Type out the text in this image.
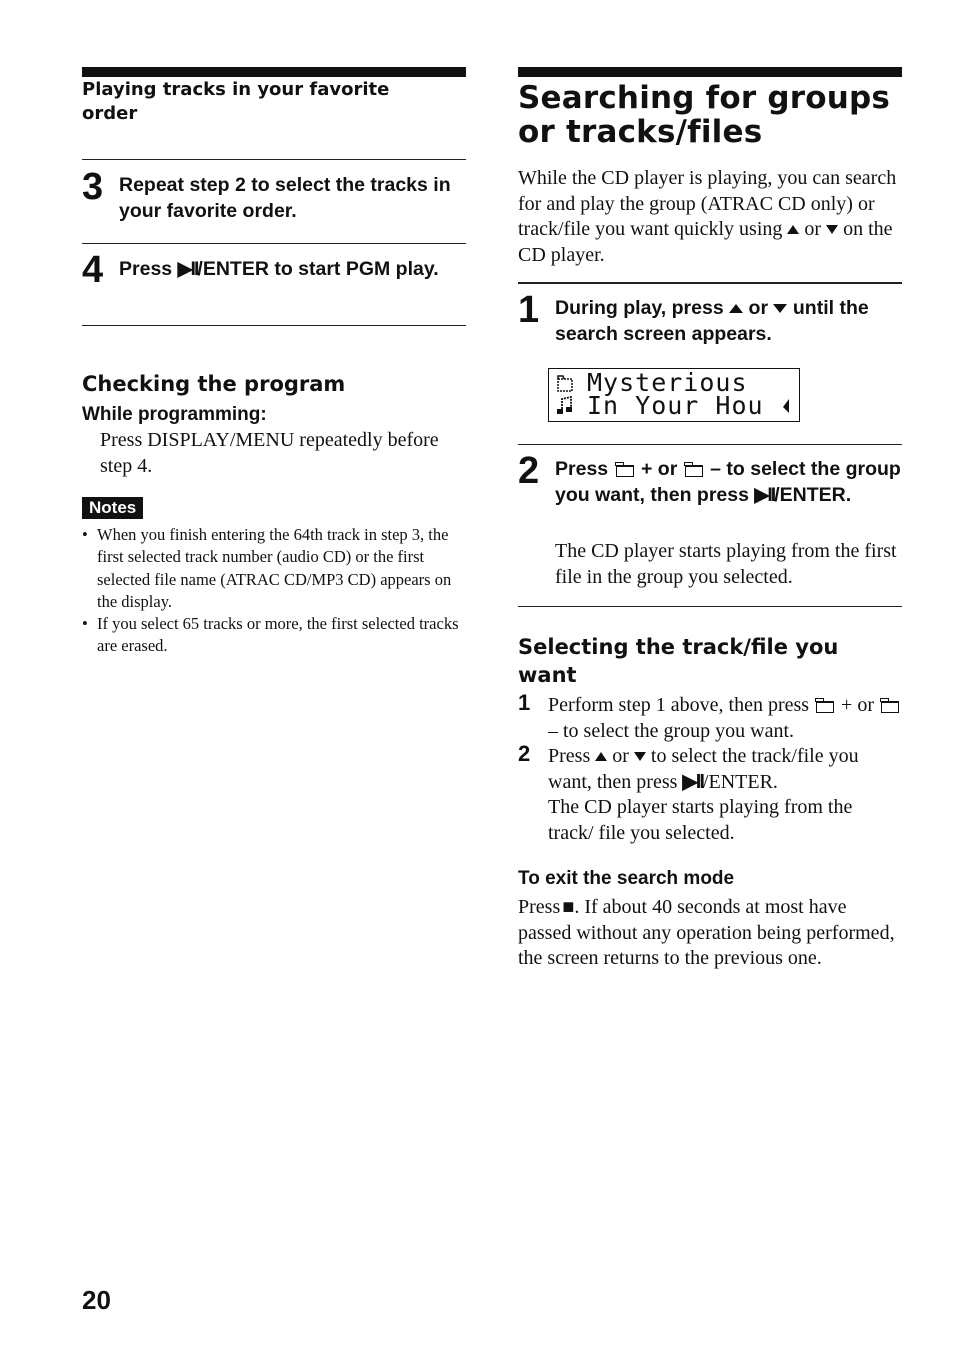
Playing tracks in your favorite order
3 Repeat step 2 to select the tracks in your favorite order.
4 Press ▶II/ENTER to start PGM play.
Checking the program
While programming:
Press DISPLAY/MENU repeatedly before step 4.
Notes
• When you finish entering the 64th track in step 3, the first selected track number (audio CD) or the first selected file name (ATRAC CD/MP3 CD) appears on the display.
• If you select 65 tracks or more, the first selected tracks are erased.
20
Searching for groups or tracks/files
While the CD player is playing, you can search for and play the group (ATRAC CD only) or track/file you want quickly using or on the CD player.
1 During play, press or until the search screen appears.
Mysterious
In Your Hou
2 Press + or – to select the group you want, then press ▶II/ENTER.
The CD player starts playing from the first file in the group you selected.
Selecting the track/file you want
1 Perform step 1 above, then press + or  – to select the group you want.
2 Press or to select the track/file you want, then press ▶II/ENTER.
The CD player starts playing from the track/ file you selected.
To exit the search mode
Press ■. If about 40 seconds at most have passed without any operation being performed, the screen returns to the previous one.
